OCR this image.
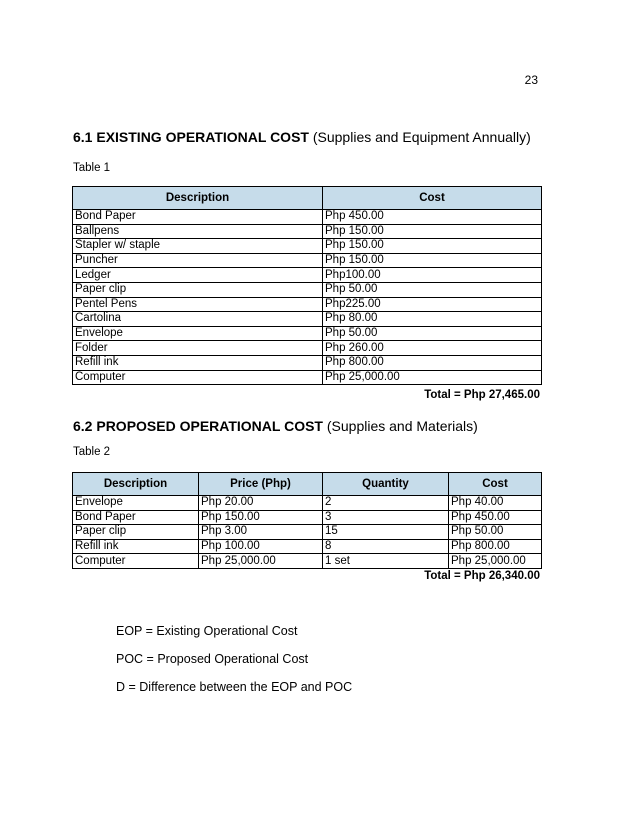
23
6.1 EXISTING OPERATIONAL COST (Supplies and Equipment Annually)
Table 1
Description	Cost
Bond Paper	Php 450.00
Ballpens	Php 150.00
Stapler w/ staple	Php 150.00
Puncher	Php 150.00
Ledger	Php100.00
Paper clip	Php 50.00
Pentel Pens	Php225.00
Cartolina	Php 80.00
Envelope	Php 50.00
Folder	Php 260.00
Refill ink	Php 800.00
Computer	Php 25,000.00
Total = Php 27,465.00
6.2 PROPOSED OPERATIONAL COST (Supplies and Materials)
Table 2
Description	Price (Php)	Quantity	Cost
Envelope	Php 20.00	2	Php 40.00
Bond Paper	Php 150.00	3	Php 450.00
Paper clip	Php 3.00	15	Php 50.00
Refill ink	Php 100.00	8	Php 800.00
Computer	Php 25,000.00	1 set	Php 25,000.00
Total = Php 26,340.00
EOP = Existing Operational Cost
POC = Proposed Operational Cost
D = Difference between the EOP and POC
